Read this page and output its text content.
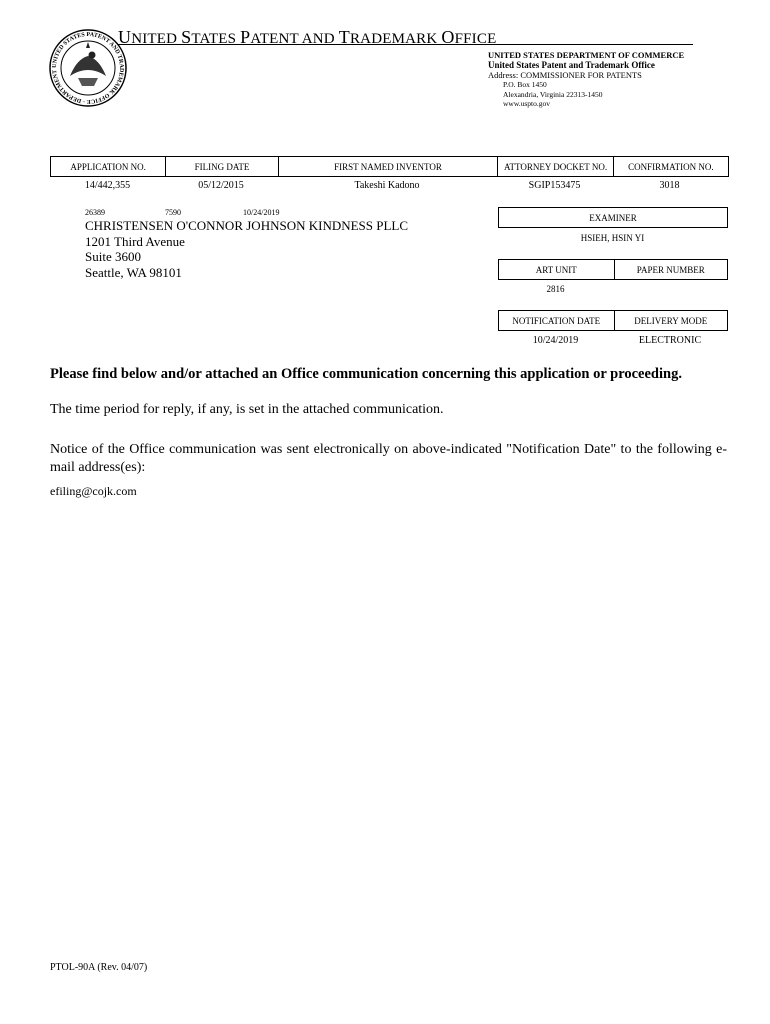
UNITED STATES PATENT AND TRADEMARK OFFICE · DEPARTMENT
UNITED STATES PATENT AND TRADEMARK OFFICE
UNITED STATES DEPARTMENT OF COMMERCE
United States Patent and Trademark Office
Address: COMMISSIONER FOR PATENTS
P.O. Box 1450
Alexandria, Virginia 22313-1450
www.uspto.gov
APPLICATION NO.	FILING DATE	FIRST NAMED INVENTOR	ATTORNEY DOCKET NO.	CONFIRMATION NO.
14/442,355	05/12/2015	Takeshi Kadono	SGIP153475	3018
26389	7590	10/24/2019
CHRISTENSEN O'CONNOR JOHNSON KINDNESS PLLC
1201 Third Avenue
Suite 3600
Seattle, WA 98101
EXAMINER
HSIEH, HSIN YI
ART UNIT	PAPER NUMBER
2816
NOTIFICATION DATE	DELIVERY MODE
10/24/2019	ELECTRONIC
Please find below and/or attached an Office communication concerning this application or proceeding.
The time period for reply, if any, is set in the attached communication.
Notice of the Office communication was sent electronically on above-indicated "Notification Date" to the following e-mail address(es):
efiling@cojk.com
PTOL-90A (Rev. 04/07)
